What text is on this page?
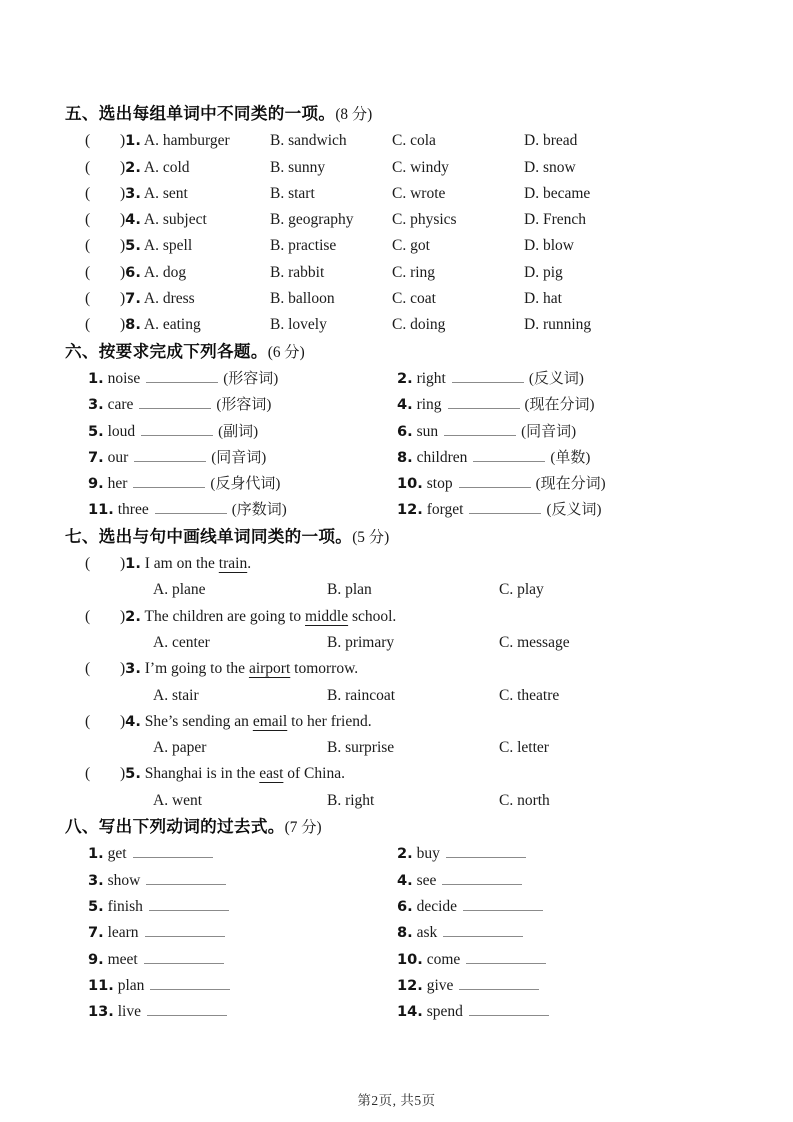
五、选出每组单词中不同类的一项。(8 分)
(	)1. A. hamburger	B. sandwich	C. cola	D. bread
(	)2. A. cold	B. sunny	C. windy	D. snow
(	)3. A. sent	B. start	C. wrote	D. became
(	)4. A. subject	B. geography	C. physics	D. French
(	)5. A. spell	B. practise	C. got	D. blow
(	)6. A. dog	B. rabbit	C. ring	D. pig
(	)7. A. dress	B. balloon	C. coat	D. hat
(	)8. A. eating	B. lovely	C. doing	D. running
六、按要求完成下列各题。(6 分)
1. noise	(形容词)	2. right	(反义词)
3. care	(形容词)	4. ring	(现在分词)
5. loud	(副词)	6. sun	(同音词)
7. our	(同音词)	8. children	(单数)
9. her	(反身代词)	10. stop	(现在分词)
11. three	(序数词)	12. forget	(反义词)
七、选出与句中画线单词同类的一项。(5 分)
(	)1. I am on the train.
A. plane	B. plan	C. play
(	)2. The children are going to middle school.
A. center	B. primary	C. message
(	)3. I’m going to the airport tomorrow.
A. stair	B. raincoat	C. theatre
(	)4. She’s sending an email to her friend.
A. paper	B. surprise	C. letter
(	)5. Shanghai is in the east of China.
A. went	B. right	C. north
八、写出下列动词的过去式。(7 分)
1. get	2. buy
3. show	4. see
5. finish	6. decide
7. learn	8. ask
9. meet	10. come
11. plan	12. give
13. live	14. spend
第2页, 共5页
